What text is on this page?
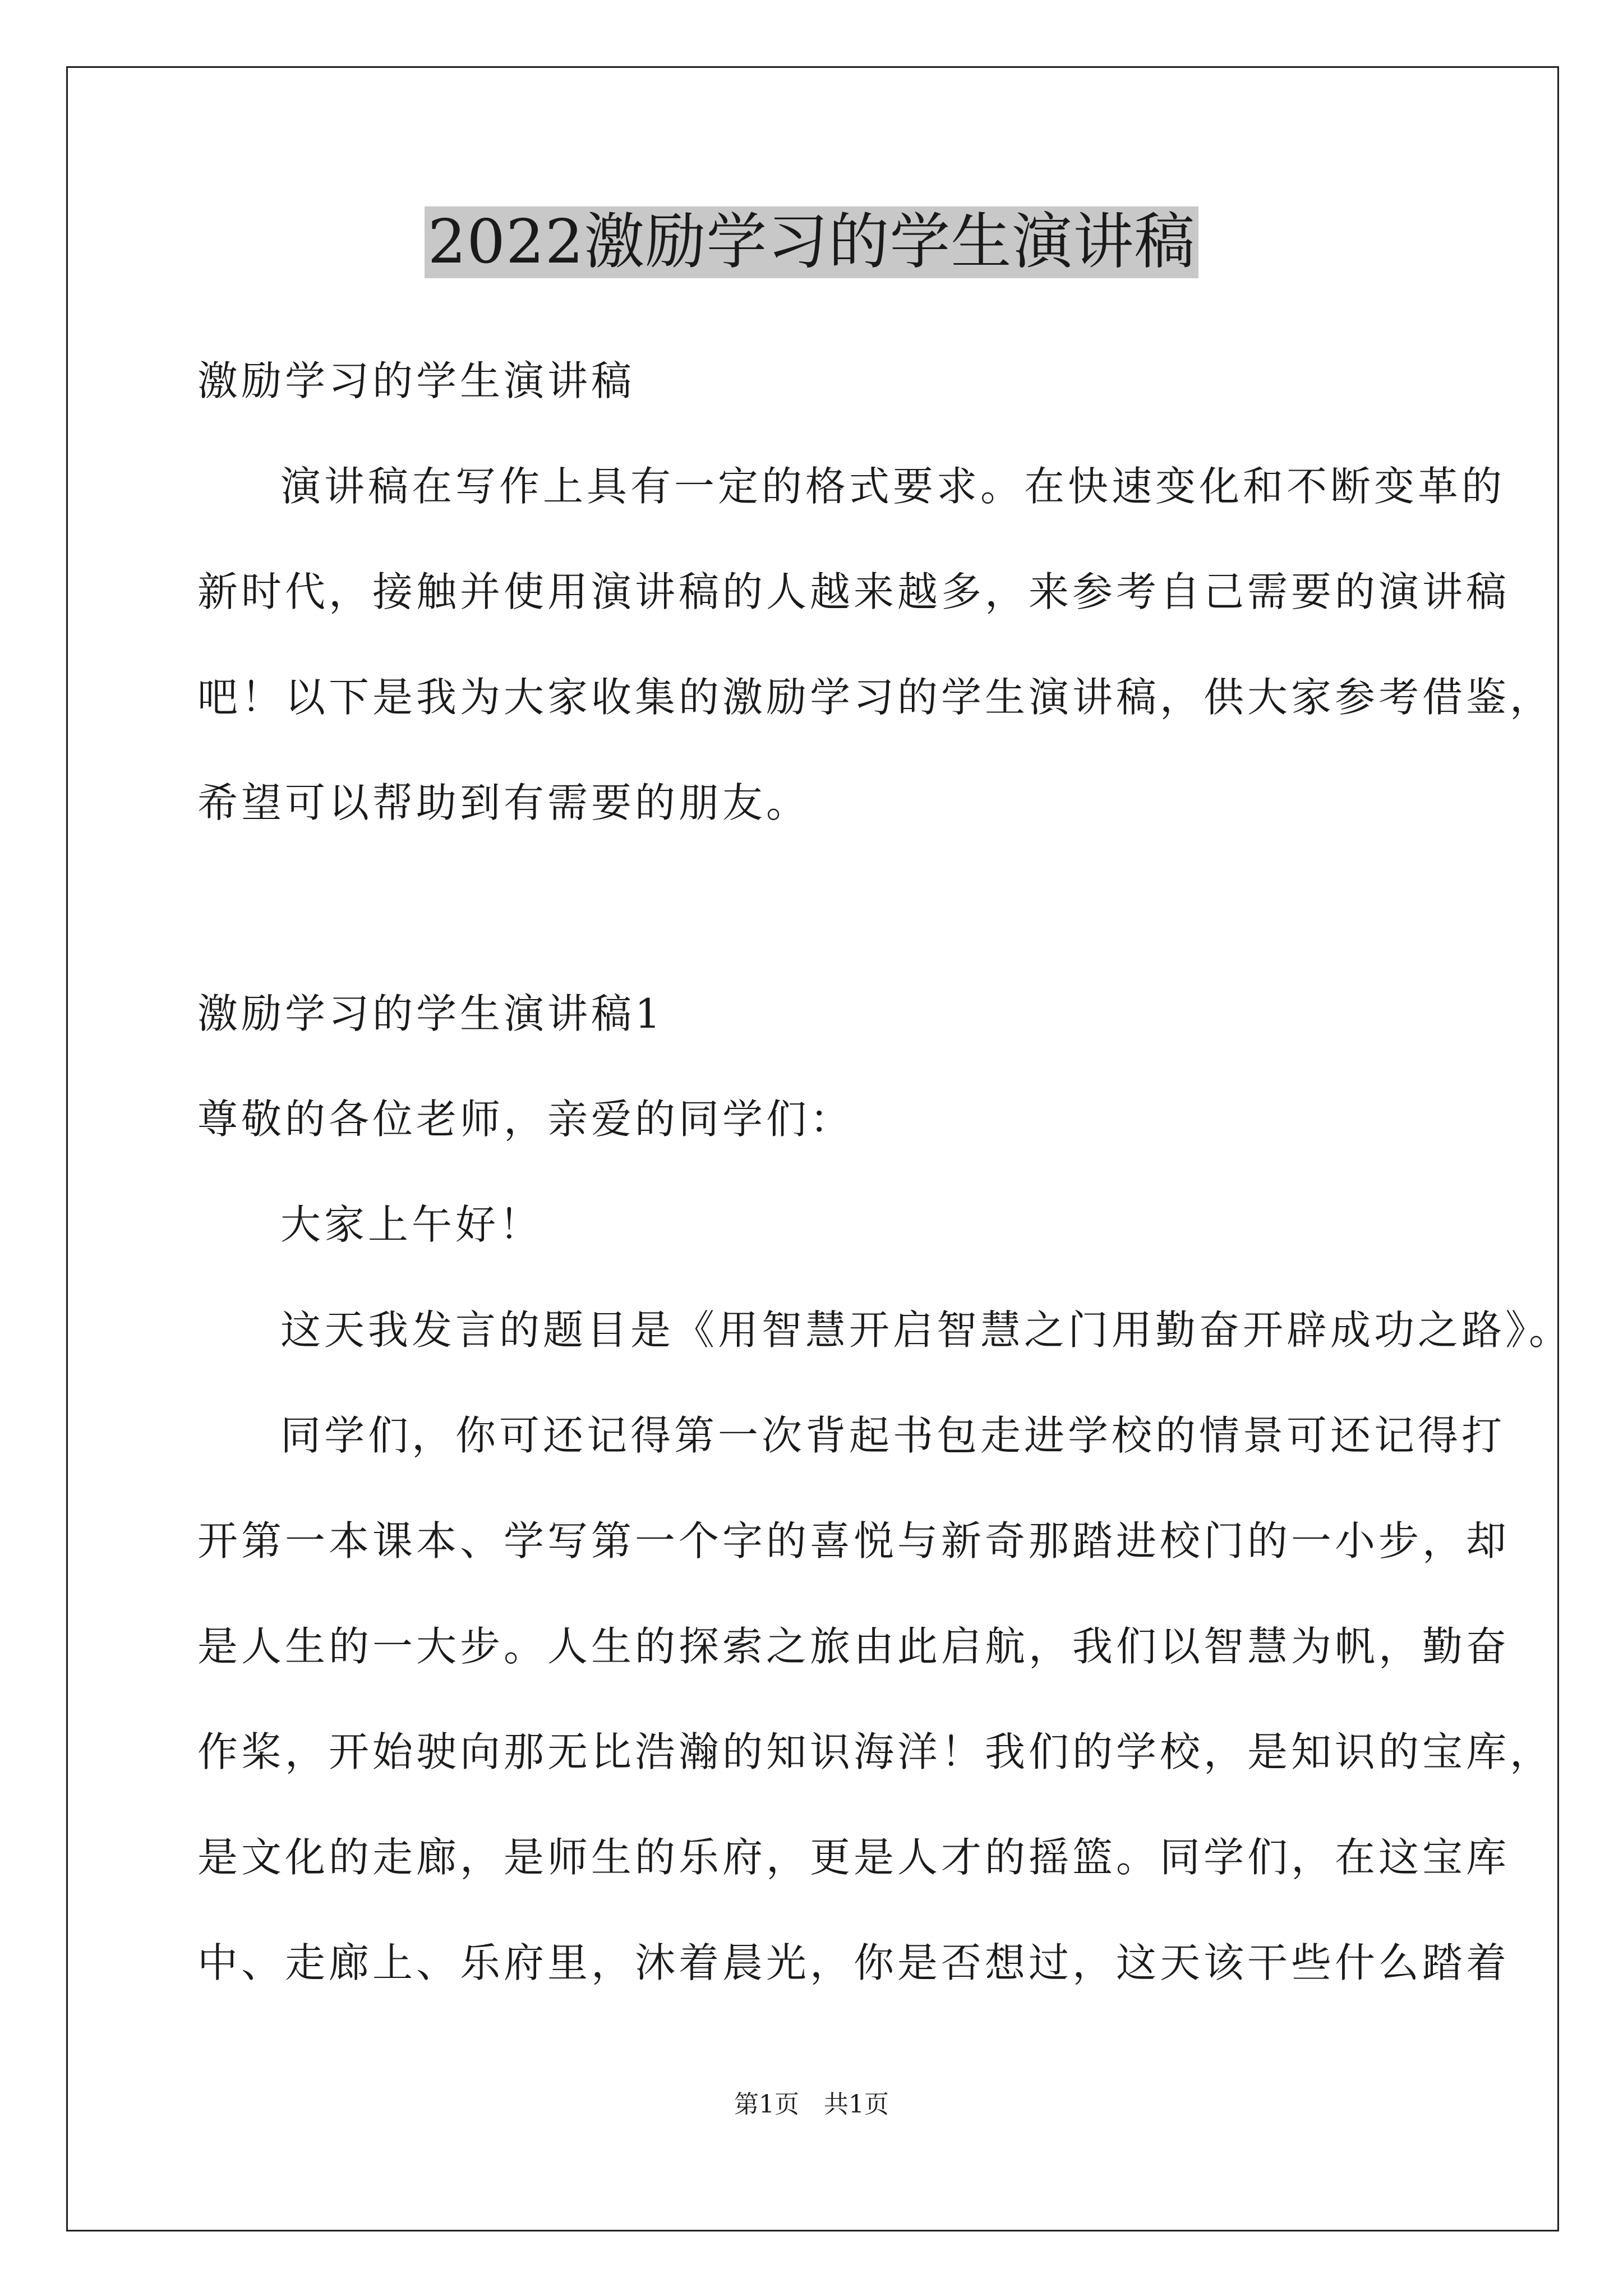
2022激励学习的学生演讲稿
激励学习的学生演讲稿
演讲稿在写作上具有一定的格式要求。在快速变化和不断变革的
新时代，接触并使用演讲稿的人越来越多，来参考自己需要的演讲稿
吧！以下是我为大家收集的激励学习的学生演讲稿，供大家参考借鉴，
希望可以帮助到有需要的朋友。
激励学习的学生演讲稿1
尊敬的各位老师，亲爱的同学们：
大家上午好！
这天我发言的题目是《用智慧开启智慧之门用勤奋开辟成功之路》。
同学们，你可还记得第一次背起书包走进学校的情景可还记得打
开第一本课本、学写第一个字的喜悦与新奇那踏进校门的一小步，却
是人生的一大步。人生的探索之旅由此启航，我们以智慧为帆，勤奋
作桨，开始驶向那无比浩瀚的知识海洋！我们的学校，是知识的宝库，
是文化的走廊，是师生的乐府，更是人才的摇篮。同学们，在这宝库
中、走廊上、乐府里，沐着晨光，你是否想过，这天该干些什么踏着
第1页　共1页
